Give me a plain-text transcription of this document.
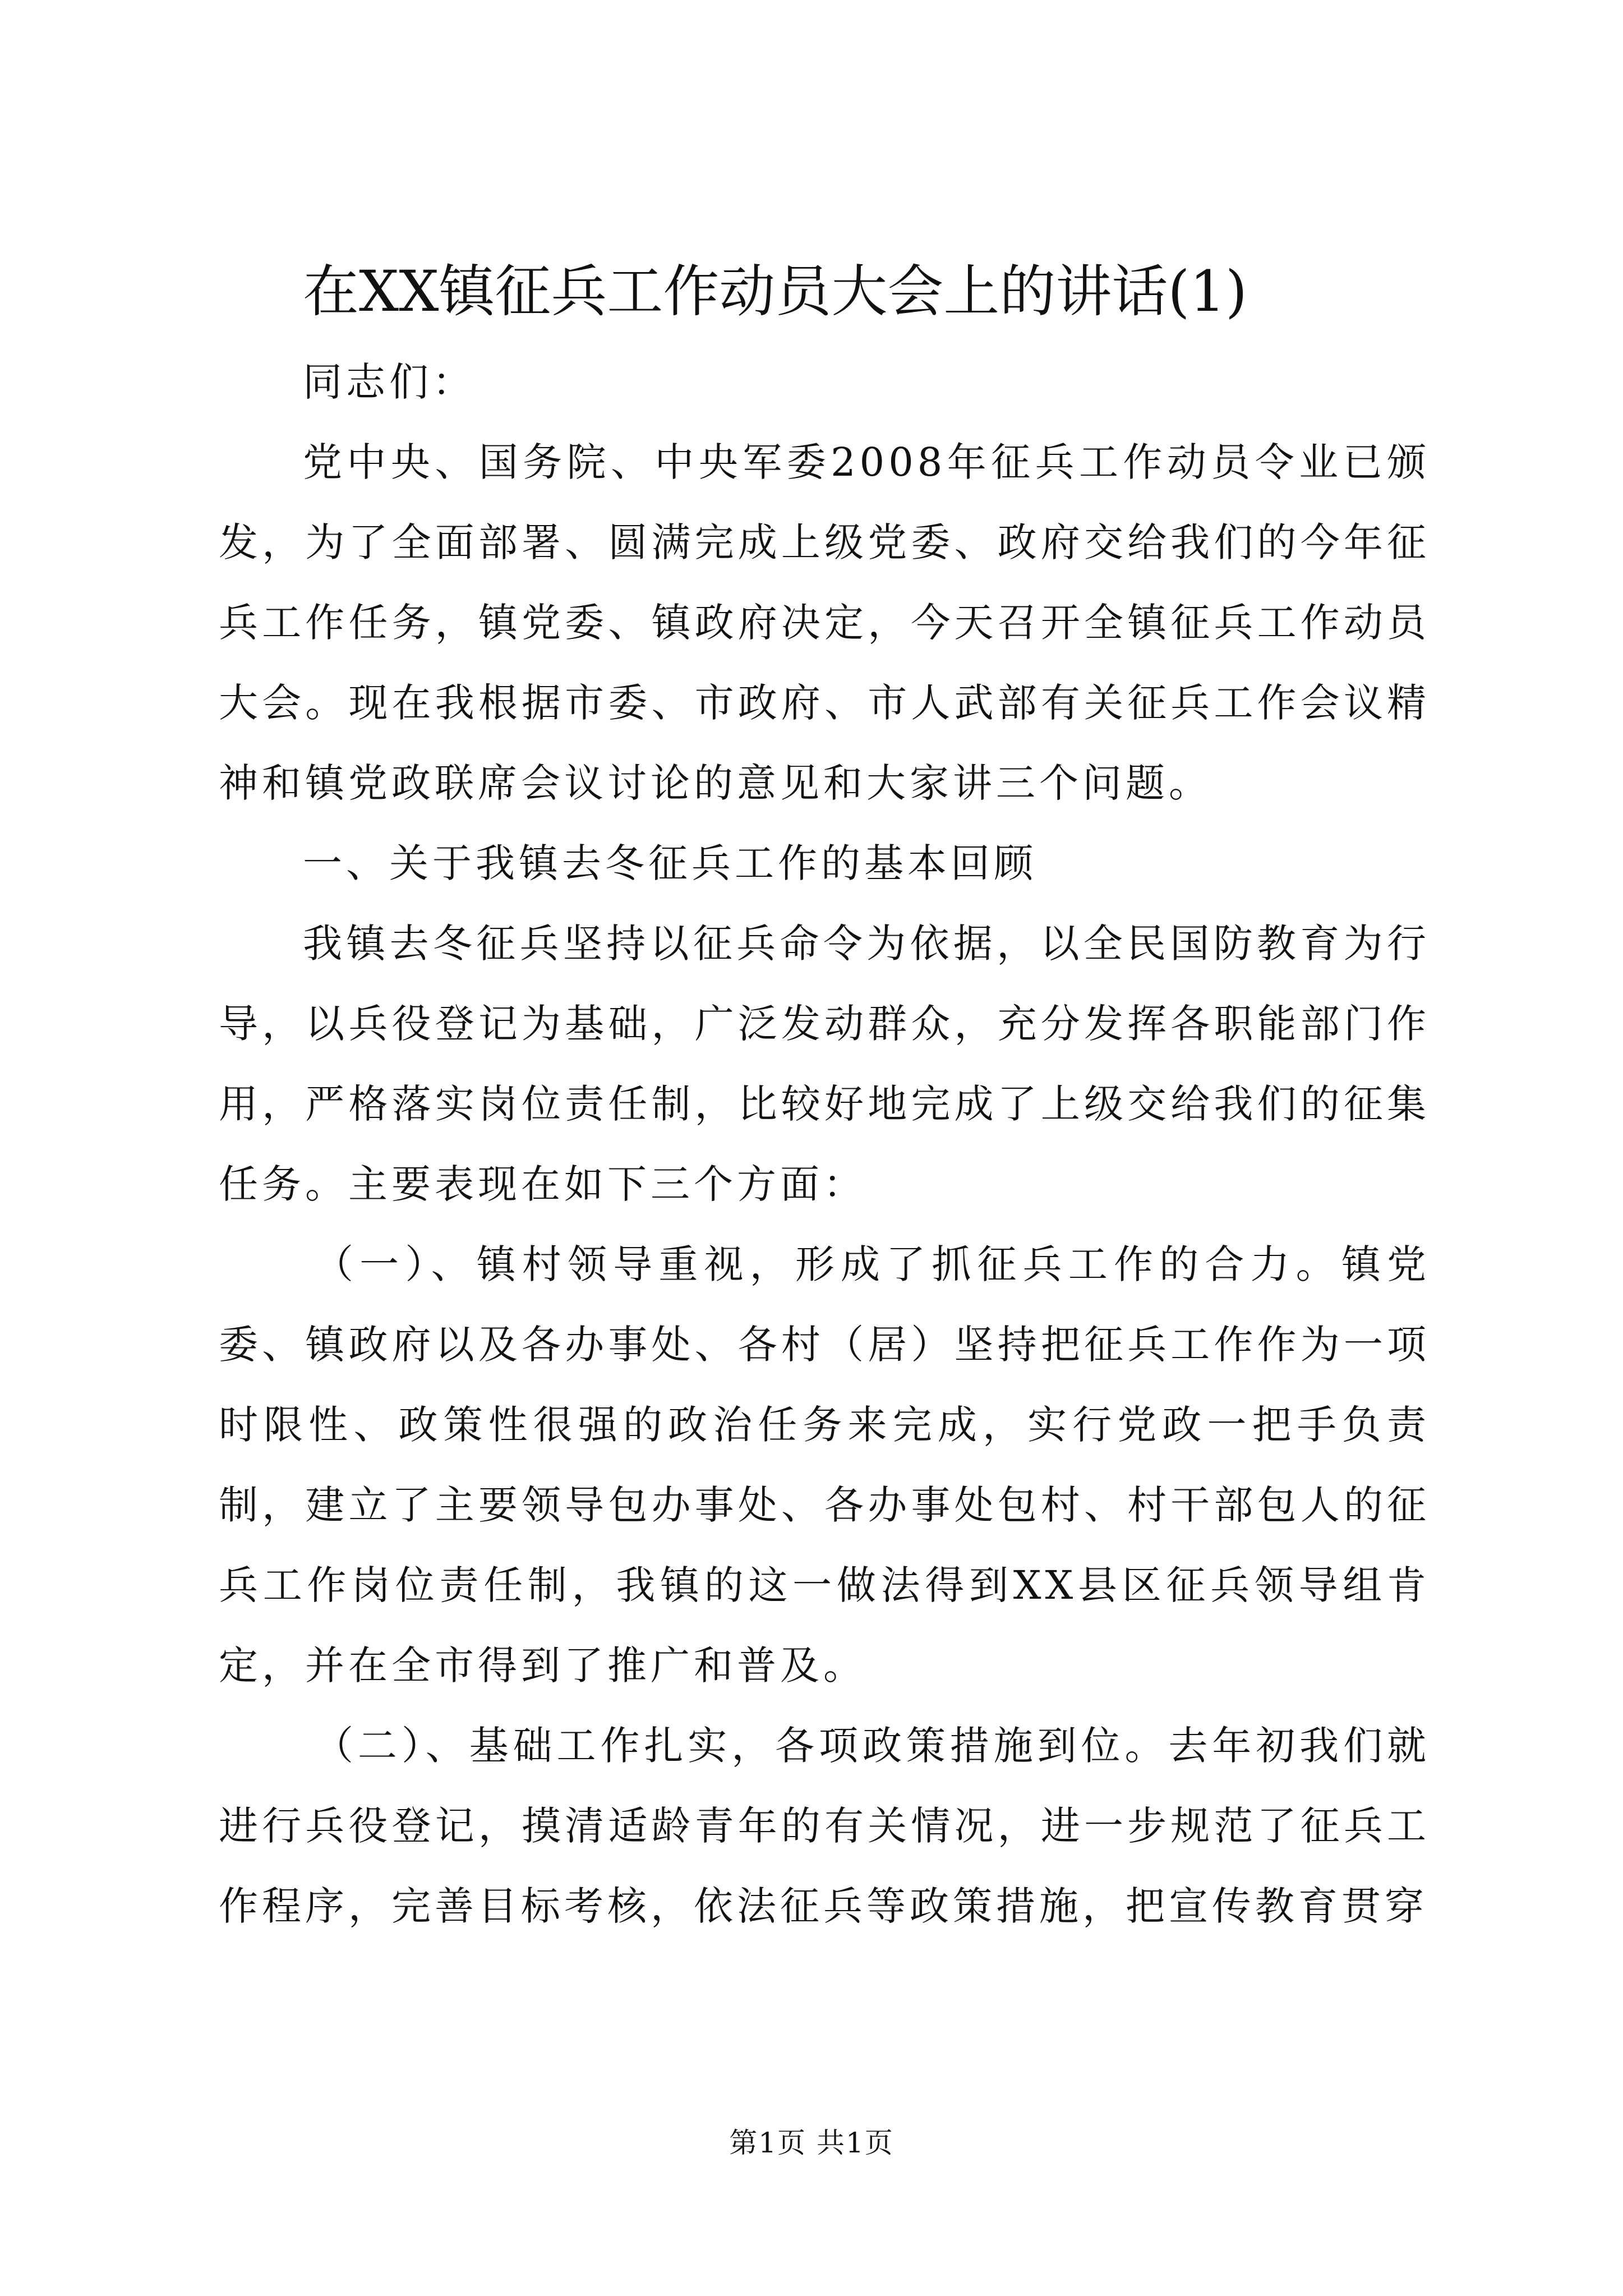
在XX镇征兵工作动员大会上的讲话(1)

同志们：

党中央、国务院、中央军委2008年征兵工作动员令业已颁发，为了全面部署、圆满完成上级党委、政府交给我们的今年征兵工作任务，镇党委、镇政府决定，今天召开全镇征兵工作动员大会。现在我根据市委、市政府、市人武部有关征兵工作会议精神和镇党政联席会议讨论的意见和大家讲三个问题。

一、关于我镇去冬征兵工作的基本回顾

我镇去冬征兵坚持以征兵命令为依据，以全民国防教育为行导，以兵役登记为基础，广泛发动群众，充分发挥各职能部门作用，严格落实岗位责任制，比较好地完成了上级交给我们的征集任务。主要表现在如下三个方面：

（一）、镇村领导重视，形成了抓征兵工作的合力。镇党委、镇政府以及各办事处、各村（居）坚持把征兵工作作为一项时限性、政策性很强的政治任务来完成，实行党政一把手负责制，建立了主要领导包办事处、各办事处包村、村干部包人的征兵工作岗位责任制，我镇的这一做法得到XX县区征兵领导组肯定，并在全市得到了推广和普及。

（二）、基础工作扎实，各项政策措施到位。去年初我们就进行兵役登记，摸清适龄青年的有关情况，进一步规范了征兵工作程序，完善目标考核，依法征兵等政策措施，把宣传教育贯穿

第1页 共1页
